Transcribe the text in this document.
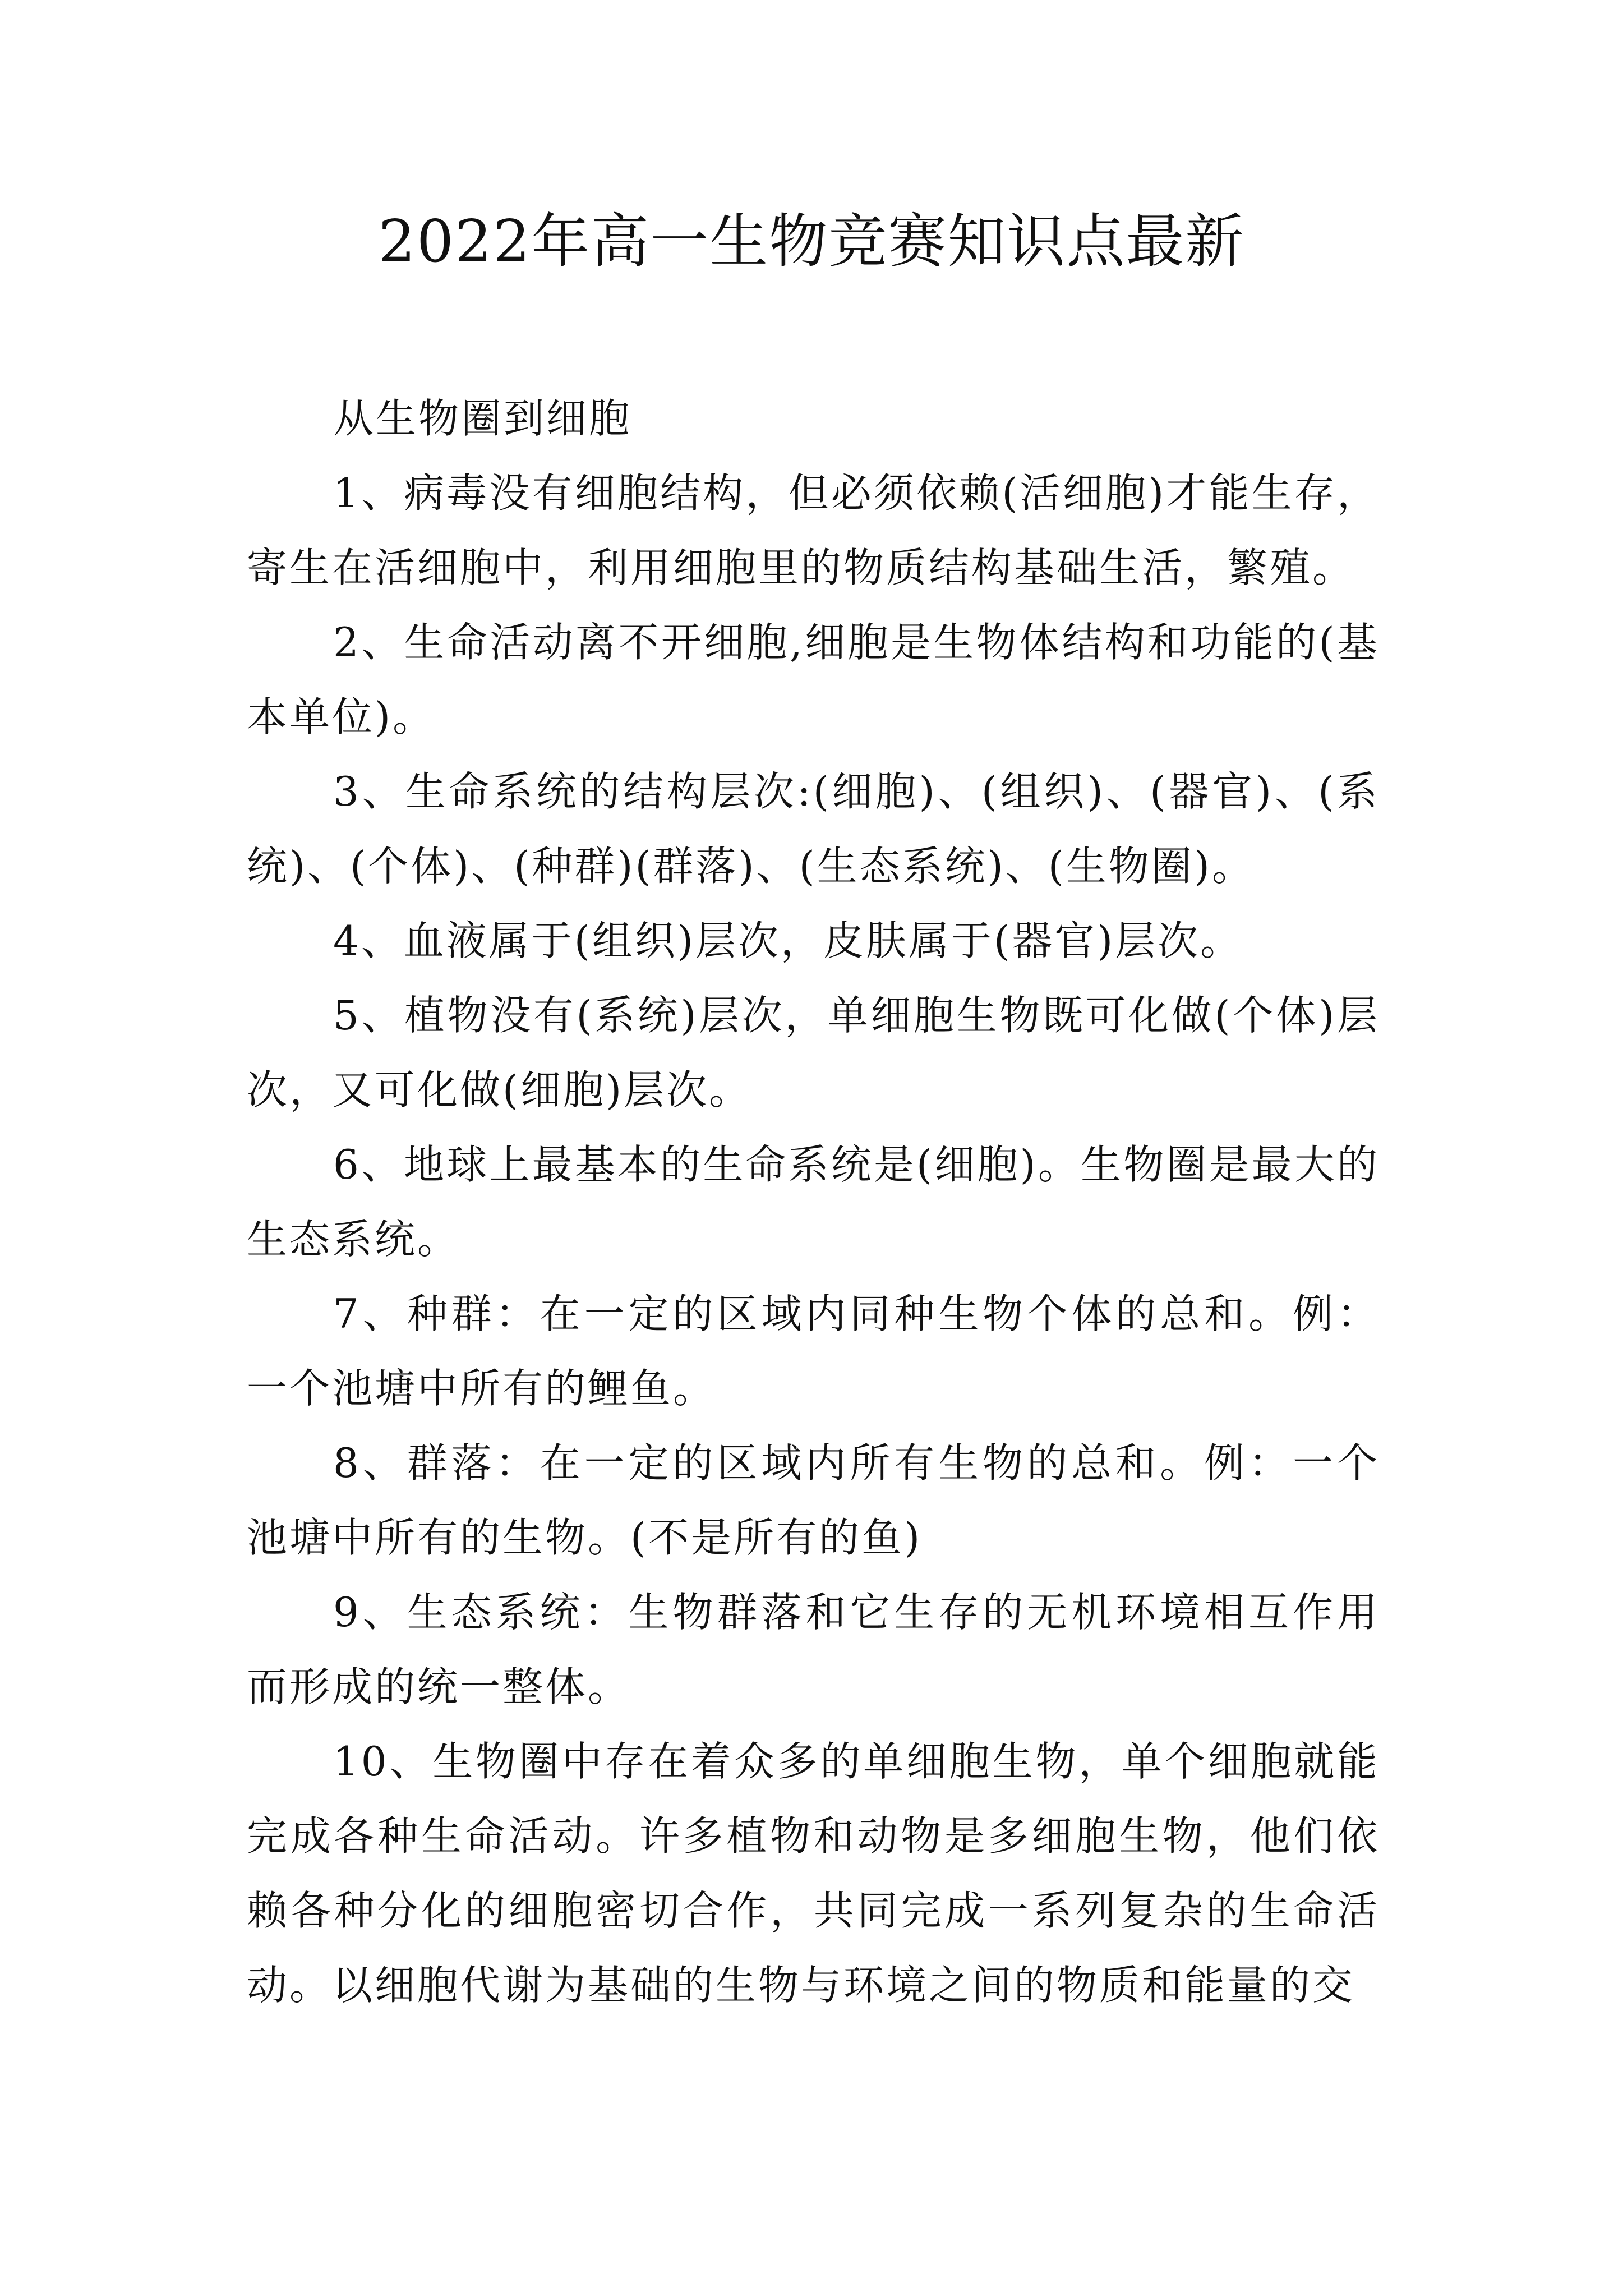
2022年高一生物竞赛知识点最新

从生物圈到细胞

1、病毒没有细胞结构，但必须依赖(活细胞)才能生存，寄生在活细胞中，利用细胞里的物质结构基础生活，繁殖。

2、生命活动离不开细胞,细胞是生物体结构和功能的(基本单位)。

3、生命系统的结构层次:(细胞)、(组织)、(器官)、(系统)、(个体)、(种群)(群落)、(生态系统)、(生物圈)。

4、血液属于(组织)层次，皮肤属于(器官)层次。

5、植物没有(系统)层次，单细胞生物既可化做(个体)层次，又可化做(细胞)层次。

6、地球上最基本的生命系统是(细胞)。生物圈是最大的生态系统。

7、种群：在一定的区域内同种生物个体的总和。例：一个池塘中所有的鲤鱼。

8、群落：在一定的区域内所有生物的总和。例：一个池塘中所有的生物。(不是所有的鱼)

9、生态系统：生物群落和它生存的无机环境相互作用而形成的统一整体。

10、生物圈中存在着众多的单细胞生物，单个细胞就能完成各种生命活动。许多植物和动物是多细胞生物，他们依赖各种分化的细胞密切合作，共同完成一系列复杂的生命活动。以细胞代谢为基础的生物与环境之间的物质和能量的交
